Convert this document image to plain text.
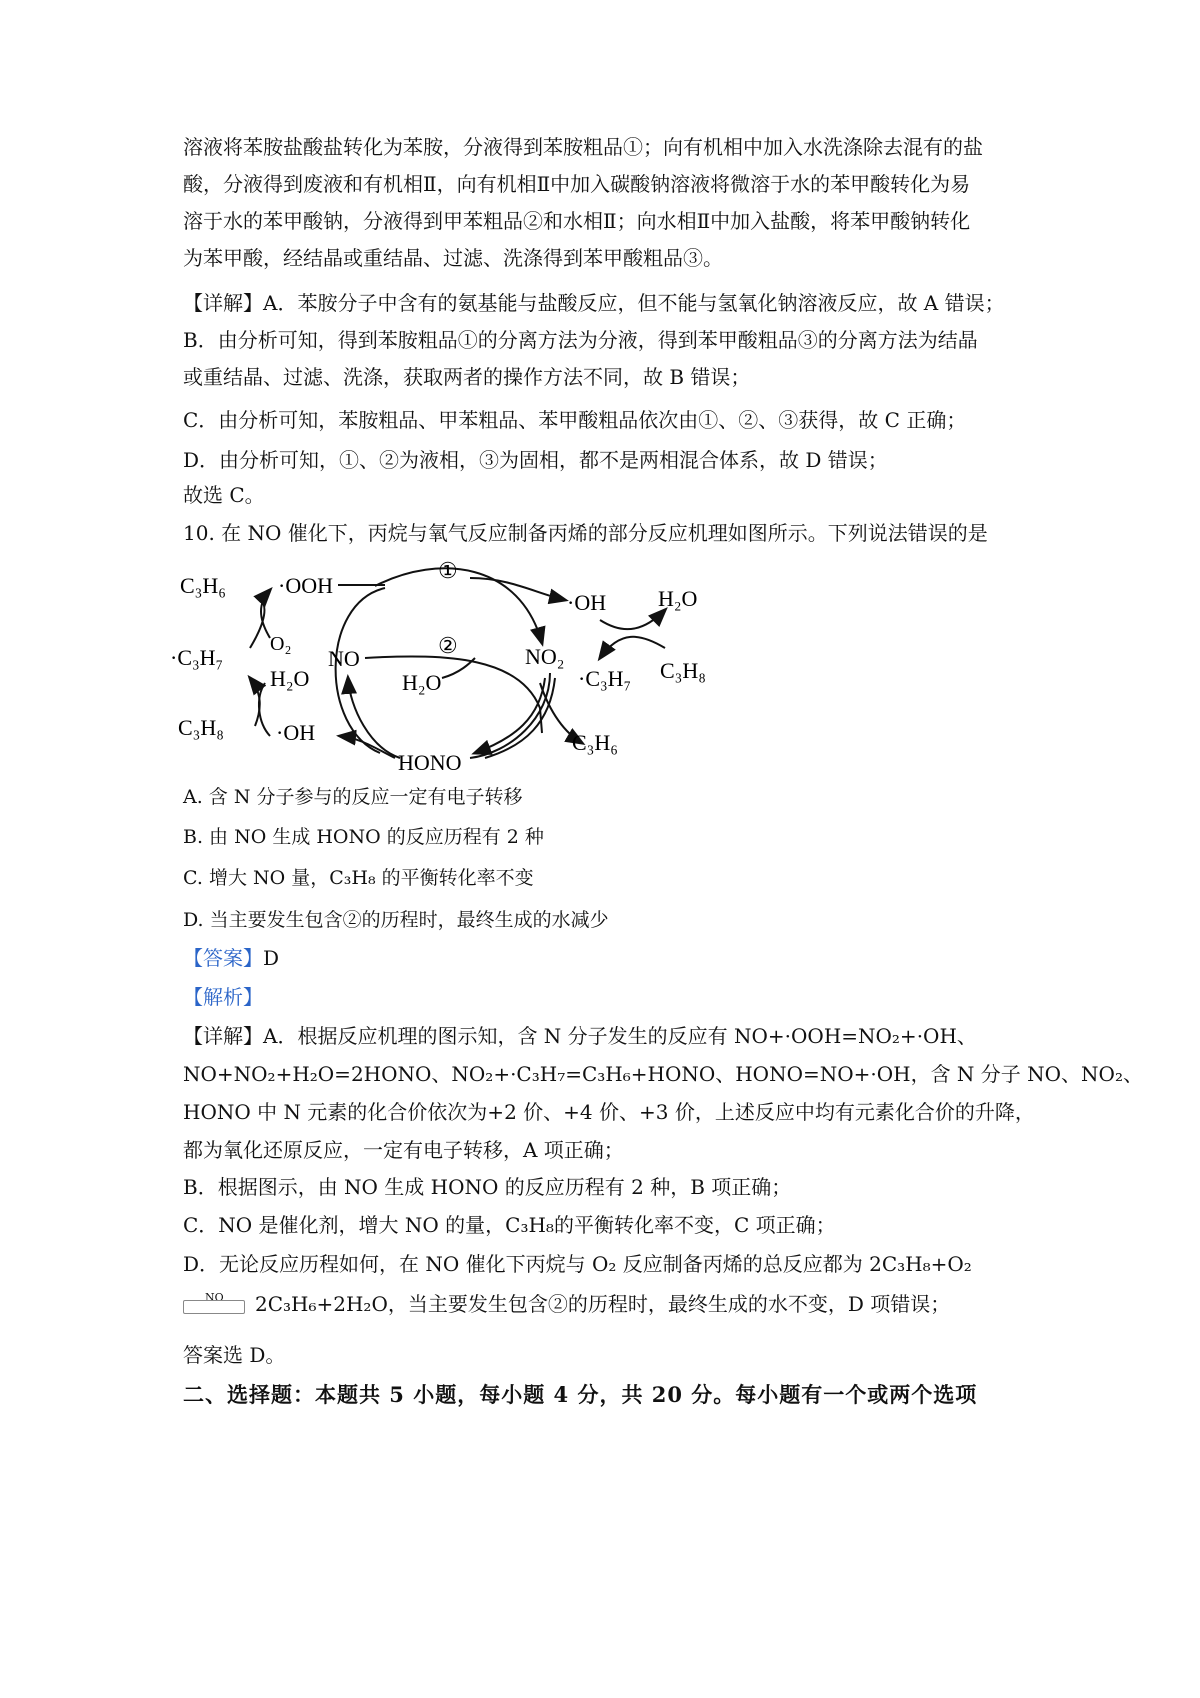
溶液将苯胺盐酸盐转化为苯胺，分液得到苯胺粗品①；向有机相中加入水洗涤除去混有的盐
酸，分液得到废液和有机相Ⅱ，向有机相Ⅱ中加入碳酸钠溶液将微溶于水的苯甲酸转化为易
溶于水的苯甲酸钠，分液得到甲苯粗品②和水相Ⅱ；向水相Ⅱ中加入盐酸，将苯甲酸钠转化
为苯甲酸，经结晶或重结晶、过滤、洗涤得到苯甲酸粗品③。
【详解】A．苯胺分子中含有的氨基能与盐酸反应，但不能与氢氧化钠溶液反应，故 A 错误；
B．由分析可知，得到苯胺粗品①的分离方法为分液，得到苯甲酸粗品③的分离方法为结晶
或重结晶、过滤、洗涤，获取两者的操作方法不同，故 B 错误；
C．由分析可知，苯胺粗品、甲苯粗品、苯甲酸粗品依次由①、②、③获得，故 C 正确；
D．由分析可知，①、②为液相，③为固相，都不是两相混合体系，故 D 错误；
故选 C。
10. 在 NO 催化下，丙烷与氧气反应制备丙烯的部分反应机理如图所示。下列说法错误的是
C₃H₆ ·OOH
O₂
·C₃H₇
H₂O
C₃H₈ ·OH
NO
HONO
NO₂
H₂O	·C₃H₇
C₃H₆
·OH H₂O
C₃H₈
①
②
A. 含 N 分子参与的反应一定有电子转移
B. 由 NO 生成 HONO 的反应历程有 2 种
C. 增大 NO 量，C₃H₈ 的平衡转化率不变
D. 当主要发生包含②的历程时，最终生成的水减少
【答案】D
【解析】
【详解】A．根据反应机理的图示知，含 N 分子发生的反应有 NO+·OOH=NO₂+·OH、
NO+NO₂+H₂O=2HONO、NO₂+·C₃H₇=C₃H₆+HONO、HONO=NO+·OH，含 N 分子 NO、NO₂、
HONO 中 N 元素的化合价依次为+2 价、+4 价、+3 价，上述反应中均有元素化合价的升降，
都为氧化还原反应，一定有电子转移，A 项正确；
B．根据图示，由 NO 生成 HONO 的反应历程有 2 种，B 项正确；
C．NO 是催化剂，增大 NO 的量，C₃H₈的平衡转化率不变，C 项正确；
D．无论反应历程如何，在 NO 催化下丙烷与 O₂ 反应制备丙烯的总反应都为 2C₃H₈+O₂
NO 2C₃H₆+2H₂O，当主要发生包含②的历程时，最终生成的水不变，D 项错误；
答案选 D。
二、选择题：本题共 5 小题，每小题 4 分，共 20 分。每小题有一个或两个选项
